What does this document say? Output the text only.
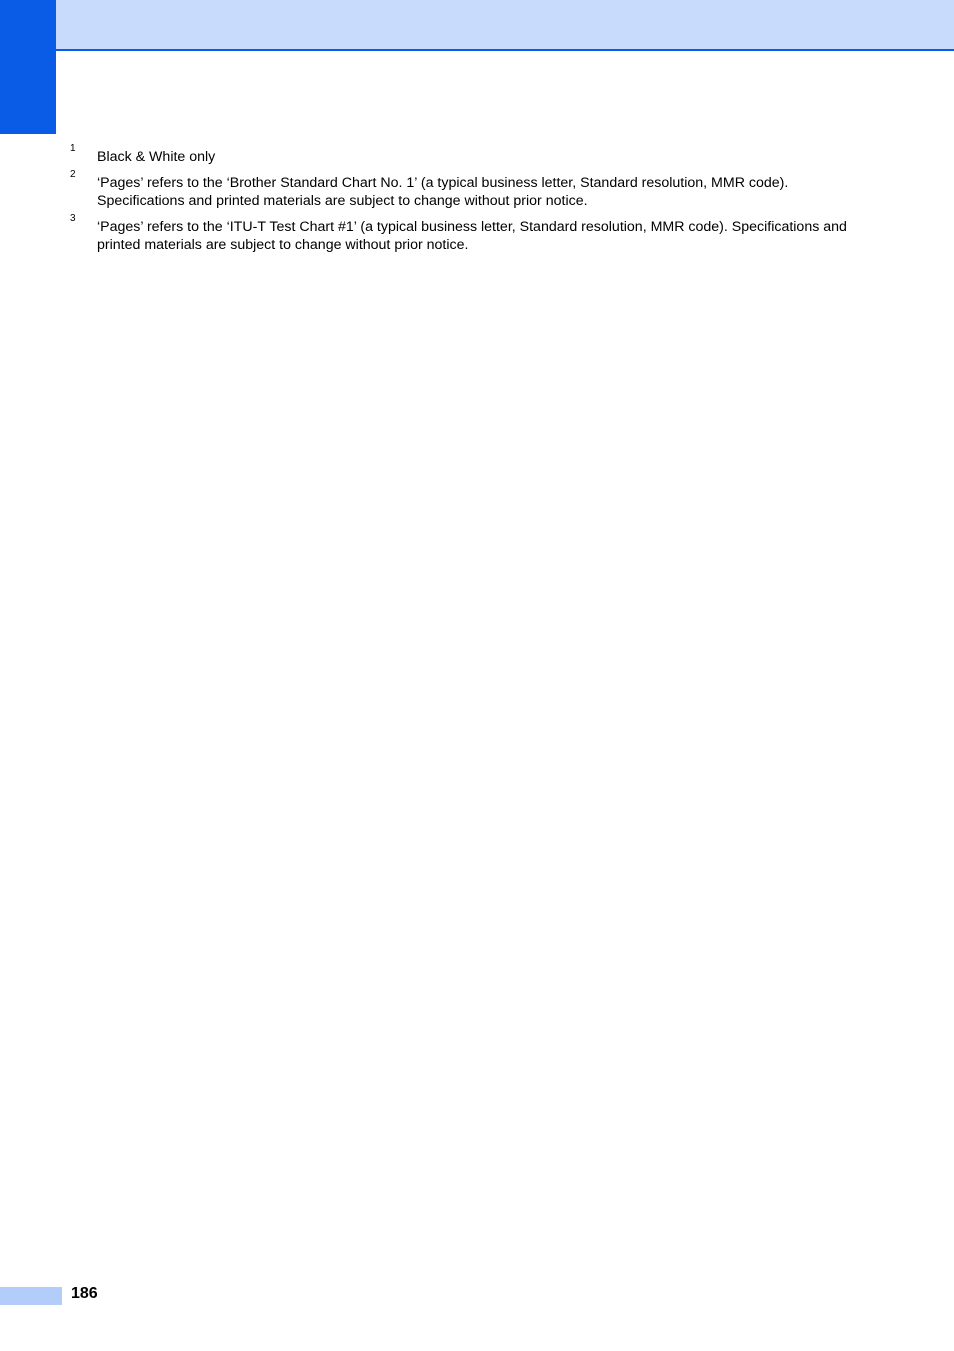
1
Black & White only
2
‘Pages’ refers to the ‘Brother Standard Chart No. 1’ (a typical business letter, Standard resolution, MMR code). Specifications and printed materials are subject to change without prior notice.
3
‘Pages’ refers to the ‘ITU-T Test Chart #1’ (a typical business letter, Standard resolution, MMR code). Specifications and printed materials are subject to change without prior notice.
186
